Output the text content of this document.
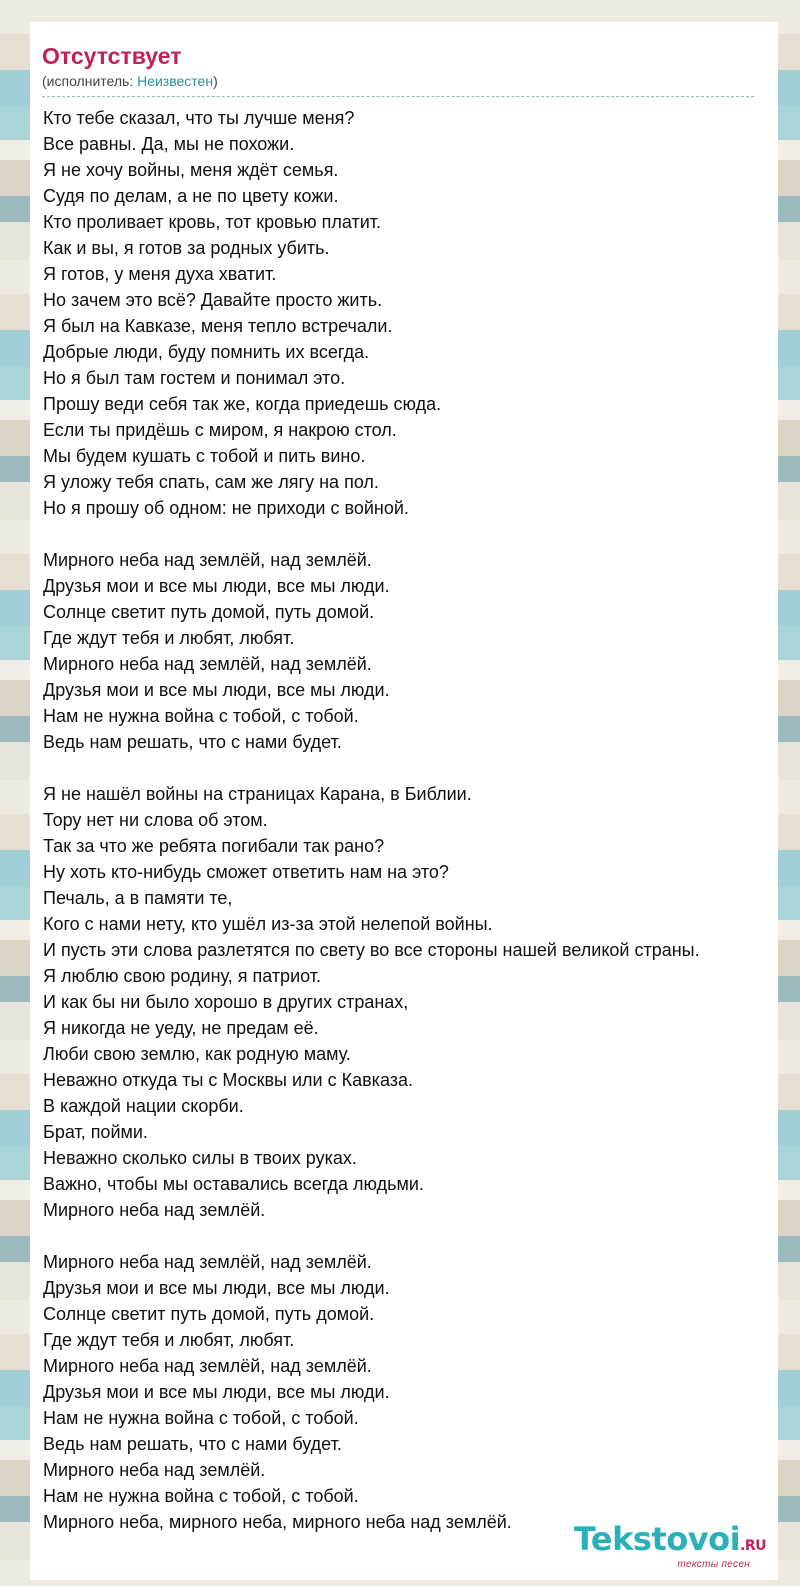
Отсутствует
(исполнитель: Неизвестен)
Кто тебе сказал, что ты лучше меня?
Все равны. Да, мы не похожи.
Я не хочу войны, меня ждёт семья.
Судя по делам, а не по цвету кожи.
Кто проливает кровь, тот кровью платит.
Как и вы, я готов за родных убить.
Я готов, у меня духа хватит.
Но зачем это всё? Давайте просто жить.
Я был на Кавказе, меня тепло встречали.
Добрые люди, буду помнить их всегда.
Но я был там гостем и понимал это.
Прошу веди себя так же, когда приедешь сюда.
Если ты придёшь с миром, я накрою стол.
Мы будем кушать с тобой и пить вино.
Я уложу тебя спать, сам же лягу на пол.
Но я прошу об одном: не приходи с войной.

Мирного неба над землёй, над землёй.
Друзья мои и все мы люди, все мы люди.
Солнце светит путь домой, путь домой.
Где ждут тебя и любят, любят.
Мирного неба над землёй, над землёй.
Друзья мои и все мы люди, все мы люди.
Нам не нужна война с тобой, с тобой.
Ведь нам решать, что с нами будет.

Я не нашёл войны на страницах Карана, в Библии.
Тору нет ни слова об этом.
Так за что же ребята погибали так рано?
Ну хоть кто-нибудь сможет ответить нам на это?
Печаль, а в памяти те,
Кого с нами нету, кто ушёл из-за этой нелепой войны.
И пусть эти слова разлетятся по свету во все стороны нашей великой страны.
Я люблю свою родину, я патриот.
И как бы ни было хорошо в других странах,
Я никогда не уеду, не предам её.
Люби свою землю, как родную маму.
Неважно откуда ты с Москвы или с Кавказа.
В каждой нации скорби.
Брат, пойми.
Неважно сколько силы в твоих руках.
Важно, чтобы мы оставались всегда людьми.
Мирного неба над землёй.

Мирного неба над землёй, над землёй.
Друзья мои и все мы люди, все мы люди.
Солнце светит путь домой, путь домой.
Где ждут тебя и любят, любят.
Мирного неба над землёй, над землёй.
Друзья мои и все мы люди, все мы люди.
Нам не нужна война с тобой, с тобой.
Ведь нам решать, что с нами будет.
Мирного неба над землёй.
Нам не нужна война с тобой, с тобой.
Мирного неба, мирного неба, мирного неба над землёй.	Tekstovoi.RU
тексты песен
